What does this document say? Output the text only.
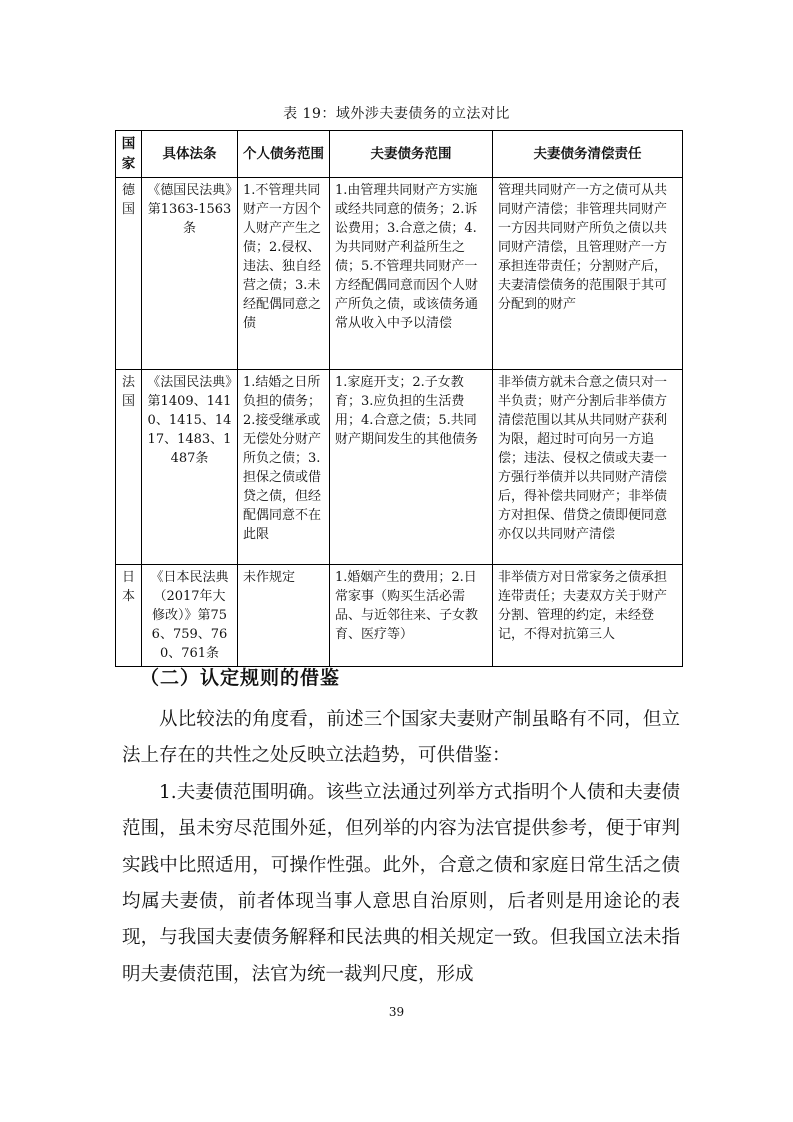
表 19：域外涉夫妻债务的立法对比
国家	具体法条	个人债务范围	夫妻债务范围	夫妻债务清偿责任
德国	《德国民法典》第1363-1563条	1.不管理共同财产一方因个人财产产生之债；2.侵权、违法、独自经营之债；3.未经配偶同意之债	1.由管理共同财产方实施或经共同意的债务；2.诉讼费用；3.合意之债；4.为共同财产利益所生之债；5.不管理共同财产一方经配偶同意而因个人财产所负之债，或该债务通常从收入中予以清偿	管理共同财产一方之债可从共同财产清偿；非管理共同财产一方因共同财产所负之债以共同财产清偿，且管理财产一方承担连带责任；分割财产后，夫妻清偿债务的范围限于其可分配到的财产
法国	《法国民法典》第1409、1410、1415、1417、1483、1487条	1.结婚之日所负担的债务；2.接受继承或无偿处分财产所负之债；3.担保之债或借贷之债，但经配偶同意不在此限	1.家庭开支；2.子女教育；3.应负担的生活费用；4.合意之债；5.共同财产期间发生的其他债务	非举债方就未合意之债只对一半负责；财产分割后非举债方清偿范围以其从共同财产获利为限，超过时可向另一方追偿；违法、侵权之债或夫妻一方强行举债并以共同财产清偿后，得补偿共同财产；非举债方对担保、借贷之债即便同意亦仅以共同财产清偿
日本	《日本民法典（2017年大修改）》第756、759、760、761条	未作规定	1.婚姻产生的费用；2.日常家事（购买生活必需品、与近邻往来、子女教育、医疗等）	非举债方对日常家务之债承担连带责任；夫妻双方关于财产分割、管理的约定，未经登记，不得对抗第三人
（二）认定规则的借鉴

从比较法的角度看，前述三个国家夫妻财产制虽略有不同，但立法上存在的共性之处反映立法趋势，可供借鉴：

1.夫妻债范围明确。该些立法通过列举方式指明个人债和夫妻债范围，虽未穷尽范围外延，但列举的内容为法官提供参考，便于审判实践中比照适用，可操作性强。此外，合意之债和家庭日常生活之债均属夫妻债，前者体现当事人意思自治原则，后者则是用途论的表现，与我国夫妻债务解释和民法典的相关规定一致。但我国立法未指明夫妻债范围，法官为统一裁判尺度，形成

39
